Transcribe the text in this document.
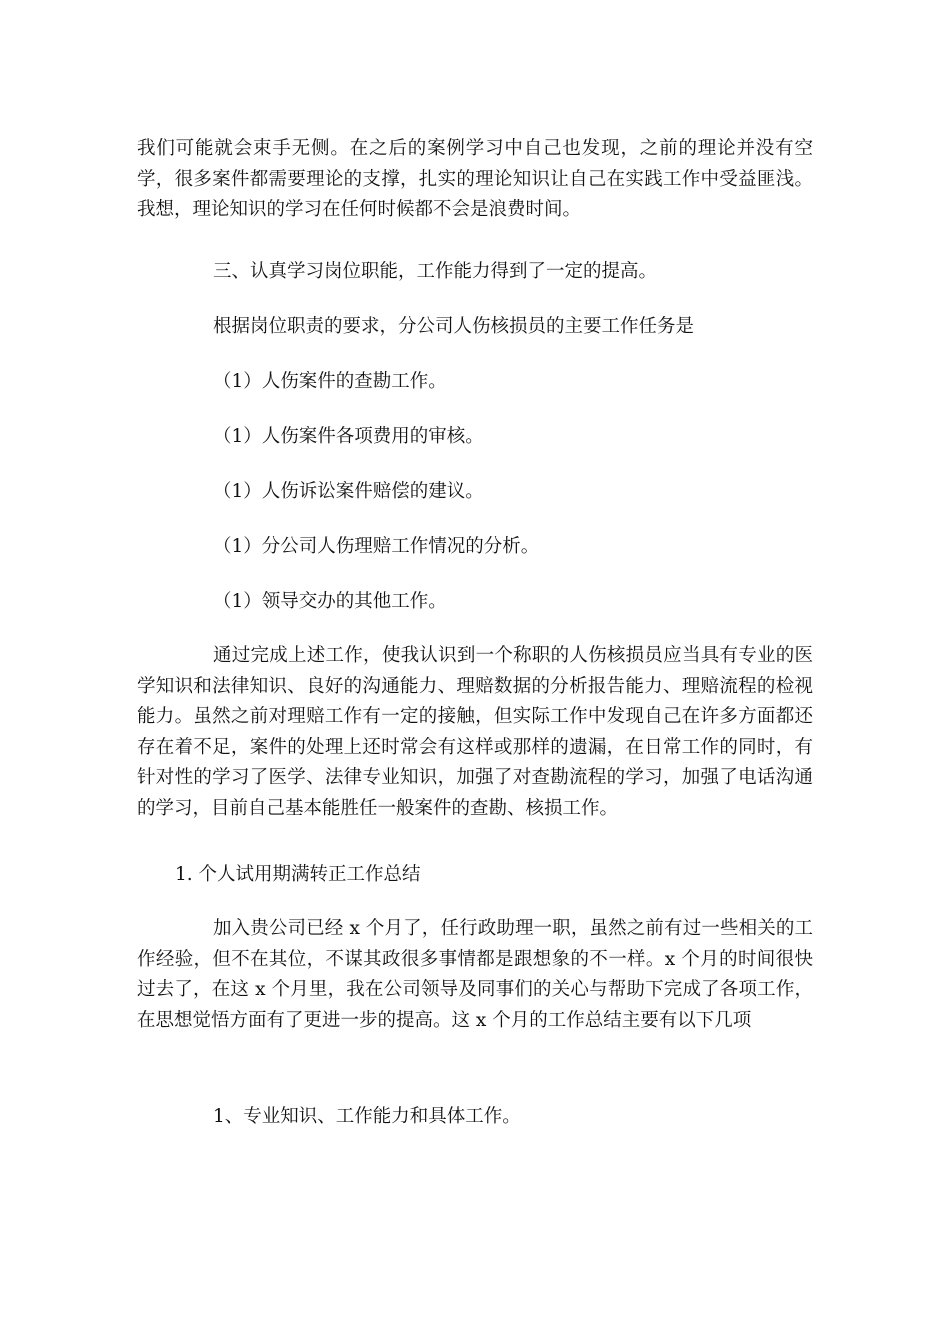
我们可能就会束手无侧。在之后的案例学习中自己也发现，之前的理论并没有空学，很多案件都需要理论的支撑，扎实的理论知识让自己在实践工作中受益匪浅。我想，理论知识的学习在任何时候都不会是浪费时间。

三、认真学习岗位职能，工作能力得到了一定的提高。

根据岗位职责的要求，分公司人伤核损员的主要工作任务是

（1）人伤案件的查勘工作。

（1）人伤案件各项费用的审核。

（1）人伤诉讼案件赔偿的建议。

（1）分公司人伤理赔工作情况的分析。

（1）领导交办的其他工作。

通过完成上述工作，使我认识到一个称职的人伤核损员应当具有专业的医学知识和法律知识、良好的沟通能力、理赔数据的分析报告能力、理赔流程的检视能力。虽然之前对理赔工作有一定的接触，但实际工作中发现自己在许多方面都还存在着不足，案件的处理上还时常会有这样或那样的遗漏，在日常工作的同时，有针对性的学习了医学、法律专业知识，加强了对查勘流程的学习，加强了电话沟通的学习，目前自己基本能胜任一般案件的查勘、核损工作。

1. 个人试用期满转正工作总结

加入贵公司已经 x 个月了，任行政助理一职，虽然之前有过一些相关的工作经验，但不在其位，不谋其政很多事情都是跟想象的不一样。x 个月的时间很快过去了，在这 x 个月里，我在公司领导及同事们的关心与帮助下完成了各项工作，在思想觉悟方面有了更进一步的提高。这 x 个月的工作总结主要有以下几项

1、专业知识、工作能力和具体工作。
